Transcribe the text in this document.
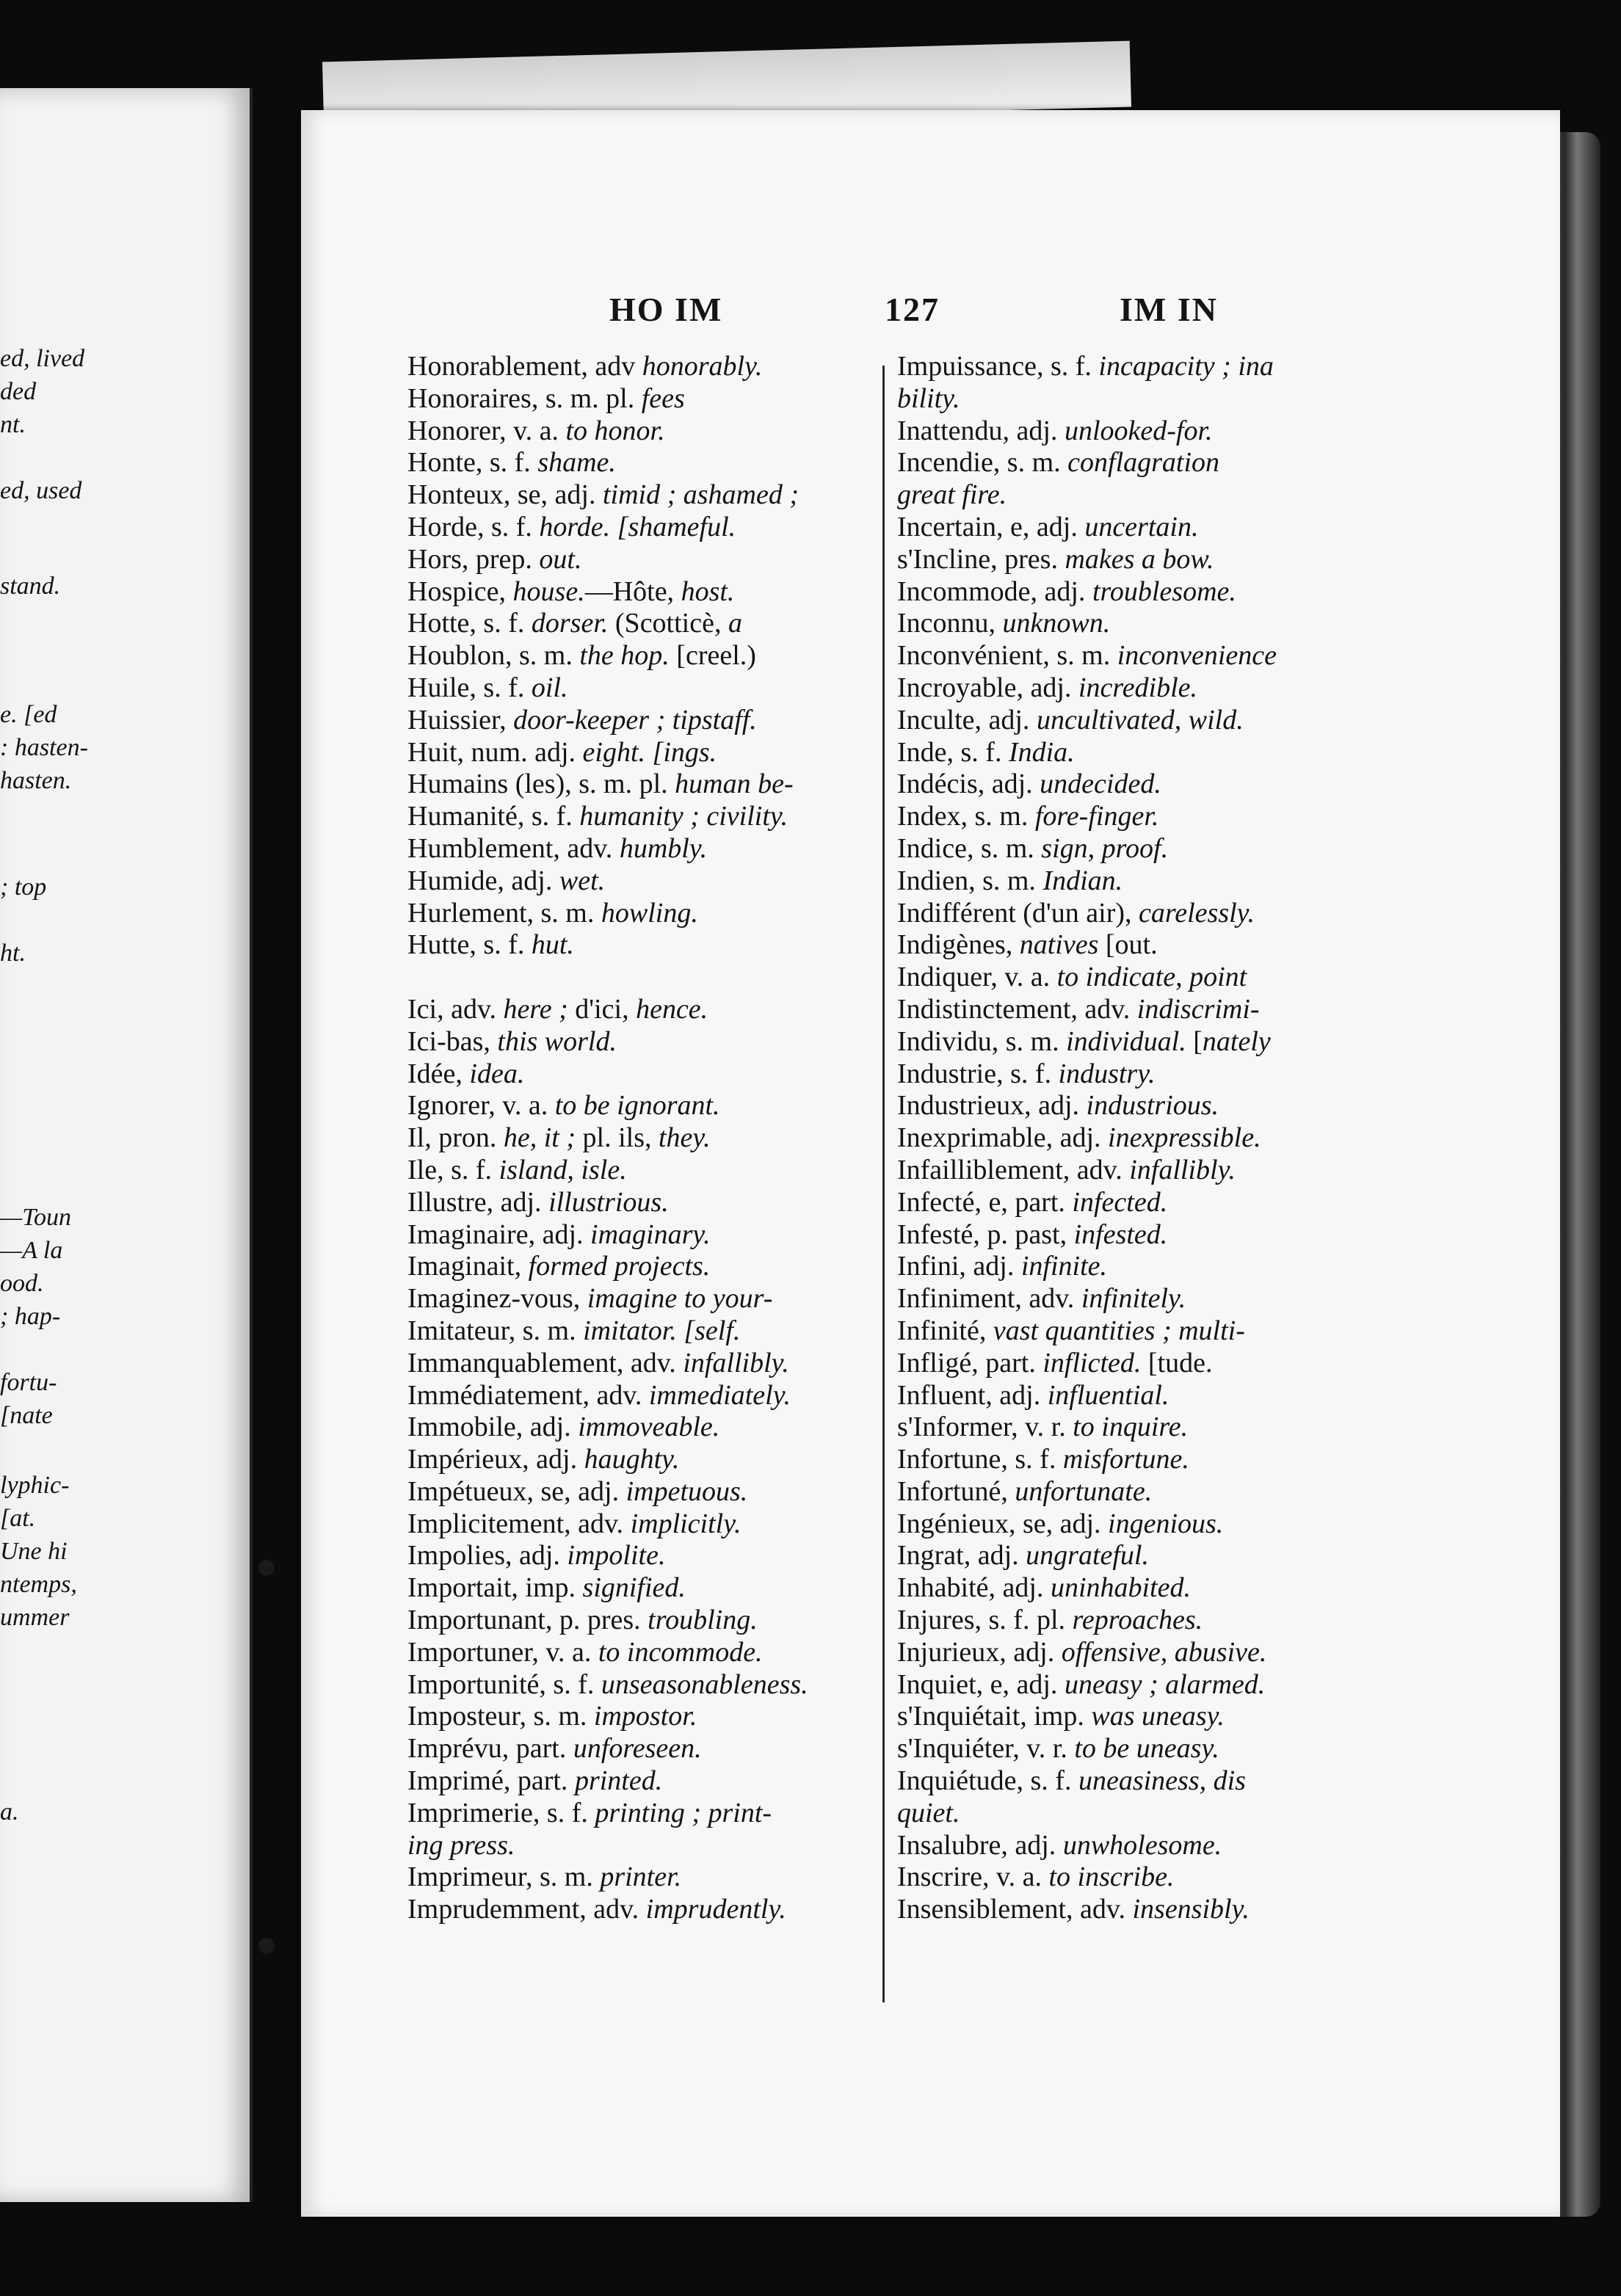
ed, lived
ded
nt.
ed, used
stand.
e. [ed
: hasten-
hasten.
; top
ht.
—Toun
—A la
ood.
; hap-
fortu-
[nate
lyphic-
[at.
Une hi
ntemps,
ummer
a.
HO IM	127	IM IN
Honorablement, adv honorably.
Honoraires, s. m. pl. fees
Honorer, v. a. to honor.
Honte, s. f. shame.
Honteux, se, adj. timid ; ashamed ;
Horde, s. f. horde. [shameful.
Hors, prep. out.
Hospice, house.—Hôte, host.
Hotte, s. f. dorser. (Scotticè, a
Houblon, s. m. the hop. [creel.)
Huile, s. f. oil.
Huissier, door-keeper ; tipstaff.
Huit, num. adj. eight. [ings.
Humains (les), s. m. pl. human be-
Humanité, s. f. humanity ; civility.
Humblement, adv. humbly.
Humide, adj. wet.
Hurlement, s. m. howling.
Hutte, s. f. hut.
Ici, adv. here ; d'ici, hence.
Ici-bas, this world.
Idée, idea.
Ignorer, v. a. to be ignorant.
Il, pron. he, it ; pl. ils, they.
Ile, s. f. island, isle.
Illustre, adj. illustrious.
Imaginaire, adj. imaginary.
Imaginait, formed projects.
Imaginez-vous, imagine to your-
Imitateur, s. m. imitator. [self.
Immanquablement, adv. infallibly.
Immédiatement, adv. immediately.
Immobile, adj. immoveable.
Impérieux, adj. haughty.
Impétueux, se, adj. impetuous.
Implicitement, adv. implicitly.
Impolies, adj. impolite.
Importait, imp. signified.
Importunant, p. pres. troubling.
Importuner, v. a. to incommode.
Importunité, s. f. unseasonableness.
Imposteur, s. m. impostor.
Imprévu, part. unforeseen.
Imprimé, part. printed.
Imprimerie, s. f. printing ; print-
ing press.
Imprimeur, s. m. printer.
Imprudemment, adv. imprudently.
Impuissance, s. f. incapacity ; ina
bility.
Inattendu, adj. unlooked-for.
Incendie, s. m. conflagration
great fire.
Incertain, e, adj. uncertain.
s'Incline, pres. makes a bow.
Incommode, adj. troublesome.
Inconnu, unknown.
Inconvénient, s. m. inconvenience
Incroyable, adj. incredible.
Inculte, adj. uncultivated, wild.
Inde, s. f. India.
Indécis, adj. undecided.
Index, s. m. fore-finger.
Indice, s. m. sign, proof.
Indien, s. m. Indian.
Indifférent (d'un air), carelessly.
Indigènes, natives [out.
Indiquer, v. a. to indicate, point
Indistinctement, adv. indiscrimi-
Individu, s. m. individual. [nately
Industrie, s. f. industry.
Industrieux, adj. industrious.
Inexprimable, adj. inexpressible.
Infailliblement, adv. infallibly.
Infecté, e, part. infected.
Infesté, p. past, infested.
Infini, adj. infinite.
Infiniment, adv. infinitely.
Infinité, vast quantities ; multi-
Infligé, part. inflicted. [tude.
Influent, adj. influential.
s'Informer, v. r. to inquire.
Infortune, s. f. misfortune.
Infortuné, unfortunate.
Ingénieux, se, adj. ingenious.
Ingrat, adj. ungrateful.
Inhabité, adj. uninhabited.
Injures, s. f. pl. reproaches.
Injurieux, adj. offensive, abusive.
Inquiet, e, adj. uneasy ; alarmed.
s'Inquiétait, imp. was uneasy.
s'Inquiéter, v. r. to be uneasy.
Inquiétude, s. f. uneasiness, dis
quiet.
Insalubre, adj. unwholesome.
Inscrire, v. a. to inscribe.
Insensiblement, adv. insensibly.
